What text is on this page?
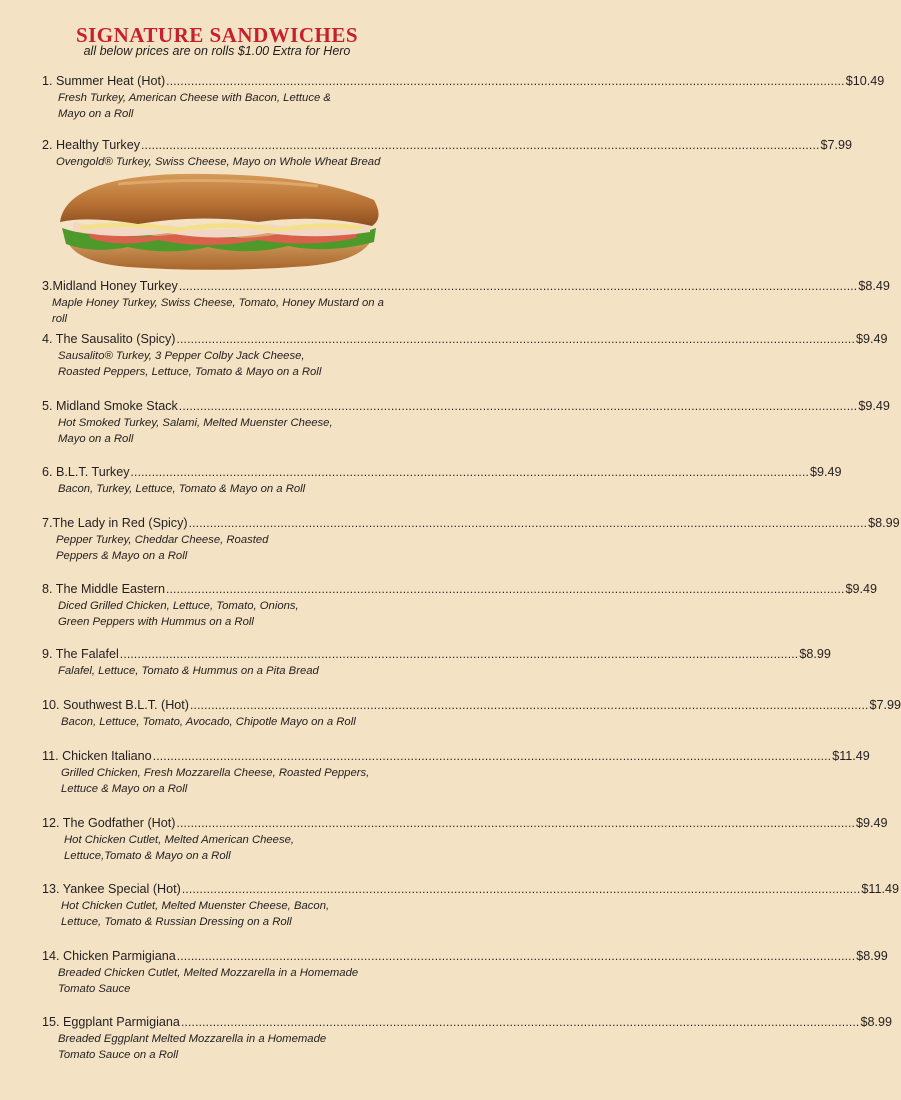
SIGNATURE SANDWICHES
all below prices are on rolls $1.00 Extra for Hero
1. Summer Heat (Hot) ................................................................................................................................................................................................ $10.49
Fresh Turkey, American Cheese with Bacon, Lettuce &
Mayo on a Roll
2. Healthy Turkey ................................................................................................................................................................................................ $7.99
Ovengold® Turkey, Swiss Cheese, Mayo on Whole Wheat Bread
3.Midland Honey Turkey ................................................................................................................................................................................................ $8.49
Maple Honey Turkey, Swiss Cheese, Tomato, Honey Mustard on a roll
4. The Sausalito (Spicy) ................................................................................................................................................................................................ $9.49
Sausalito® Turkey, 3 Pepper Colby Jack Cheese,
Roasted Peppers, Lettuce, Tomato & Mayo on a Roll
5. Midland Smoke Stack ................................................................................................................................................................................................ $9.49
Hot Smoked Turkey, Salami, Melted Muenster Cheese,
Mayo on a Roll
6. B.L.T. Turkey ................................................................................................................................................................................................ $9.49
Bacon, Turkey, Lettuce, Tomato & Mayo on a Roll
7.The Lady in Red (Spicy) ................................................................................................................................................................................................ $8.99
Pepper Turkey, Cheddar Cheese, Roasted
Peppers & Mayo on a Roll
8. The Middle Eastern ................................................................................................................................................................................................ $9.49
Diced Grilled Chicken, Lettuce, Tomato, Onions,
Green Peppers with Hummus on a Roll
9. The Falafel ................................................................................................................................................................................................ $8.99
Falafel, Lettuce, Tomato & Hummus on a Pita Bread
10. Southwest B.L.T. (Hot) ................................................................................................................................................................................................ $7.99
Bacon, Lettuce, Tomato, Avocado, Chipotle Mayo on a Roll
11. Chicken Italiano ................................................................................................................................................................................................ $11.49
Grilled Chicken, Fresh Mozzarella Cheese, Roasted Peppers,
Lettuce & Mayo on a Roll
12. The Godfather (Hot) ................................................................................................................................................................................................ $9.49
Hot Chicken Cutlet, Melted American Cheese,
Lettuce,Tomato & Mayo on a Roll
13. Yankee Special (Hot) ................................................................................................................................................................................................ $11.49
Hot Chicken Cutlet, Melted Muenster Cheese, Bacon,
Lettuce, Tomato & Russian Dressing on a Roll
14. Chicken Parmigiana ................................................................................................................................................................................................ $8.99
Breaded Chicken Cutlet, Melted Mozzarella in a Homemade
Tomato Sauce
15. Eggplant Parmigiana ................................................................................................................................................................................................ $8.99
Breaded Eggplant Melted Mozzarella in a Homemade
Tomato Sauce on a Roll
